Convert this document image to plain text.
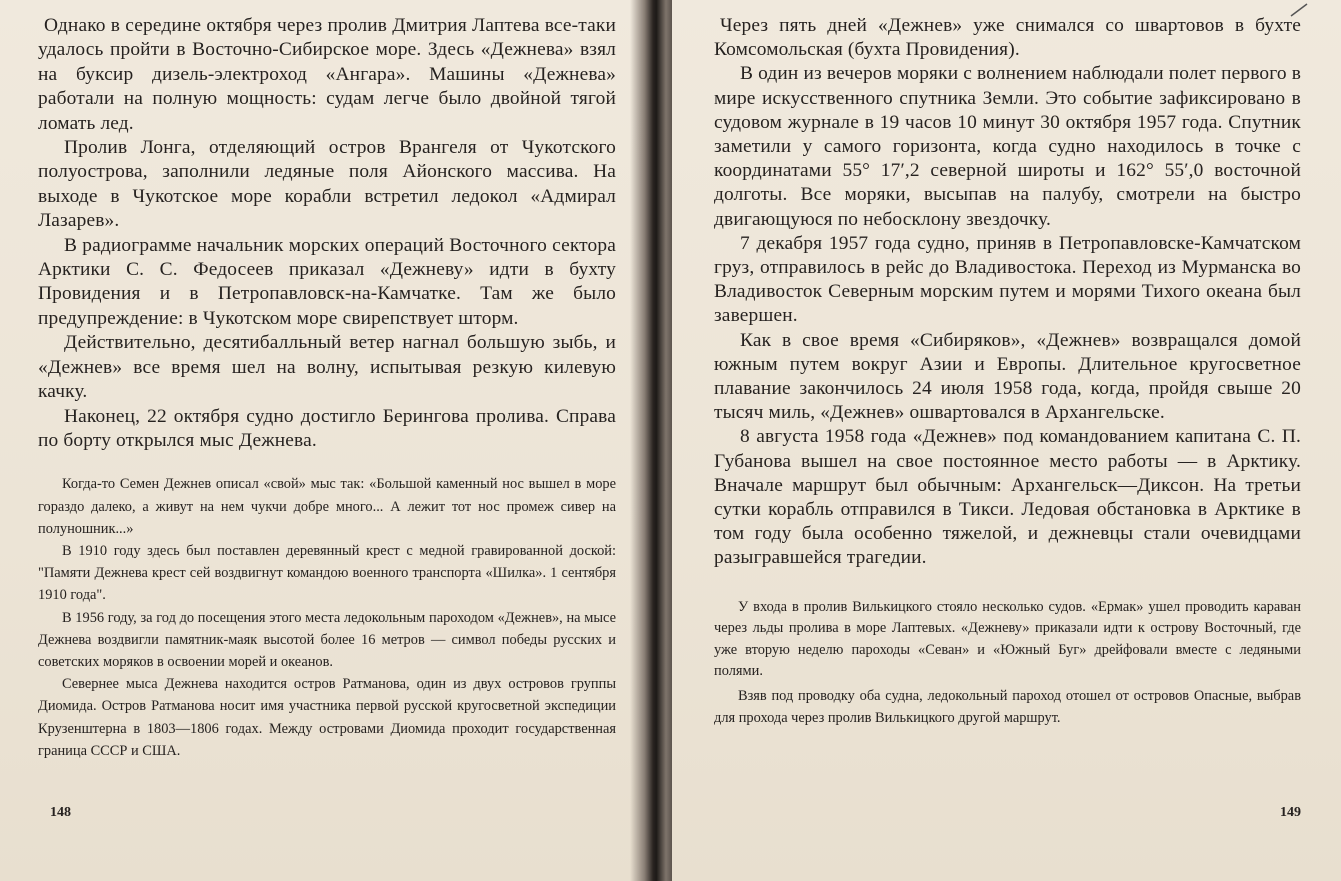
Однако в середине октября через пролив Дмитрия Лаптева все-таки удалось пройти в Восточно-Сибирское море. Здесь «Дежнева» взял на буксир дизель-электроход «Ангара». Машины «Дежнева» работали на полную мощность: судам легче было двойной тягой ломать лед.

Пролив Лонга, отделяющий остров Врангеля от Чукотского полуострова, заполнили ледяные поля Айонского массива. На выходе в Чукотское море корабли встретил ледокол «Адмирал Лазарев».

В радиограмме начальник морских операций Восточного сектора Арктики С. С. Федосеев приказал «Дежневу» идти в бухту Провидения и в Петропавловск-на-Камчатке. Там же было предупреждение: в Чукотском море свирепствует шторм.

Действительно, десятибалльный ветер нагнал большую зыбь, и «Дежнев» все время шел на волну, испытывая резкую килевую качку.

Наконец, 22 октября судно достигло Берингова пролива. Справа по борту открылся мыс Дежнева.

Когда-то Семен Дежнев описал «свой» мыс так: «Большой каменный нос вышел в море гораздо далеко, а живут на нем чукчи добре много... А лежит тот нос промеж сивер на полуношник...»

В 1910 году здесь был поставлен деревянный крест с медной гравированной доской: "Памяти Дежнева крест сей воздвигнут командою военного транспорта «Шилка». 1 сентября 1910 года".

В 1956 году, за год до посещения этого места ледокольным пароходом «Дежнев», на мысе Дежнева воздвигли памятник-маяк высотой более 16 метров — символ победы русских и советских моряков в освоении морей и океанов.

Севернее мыса Дежнева находится остров Ратманова, один из двух островов группы Диомида. Остров Ратманова носит имя участника первой русской кругосветной экспедиции Крузенштерна в 1803—1806 годах. Между островами Диомида проходит государственная граница СССР и США.

148

Через пять дней «Дежнев» уже снимался со швартовов в бухте Комсомольская (бухта Провидения).

В один из вечеров моряки с волнением наблюдали полет первого в мире искусственного спутника Земли. Это событие зафиксировано в судовом журнале в 19 часов 10 минут 30 октября 1957 года. Спутник заметили у самого горизонта, когда судно находилось в точке с координатами 55° 17′,2 северной широты и 162° 55′,0 восточной долготы. Все моряки, высыпав на палубу, смотрели на быстро двигающуюся по небосклону звездочку.

7 декабря 1957 года судно, приняв в Петропавловске-Камчатском груз, отправилось в рейс до Владивостока. Переход из Мурманска во Владивосток Северным морским путем и морями Тихого океана был завершен.

Как в свое время «Сибиряков», «Дежнев» возвращался домой южным путем вокруг Азии и Европы. Длительное кругосветное плавание закончилось 24 июля 1958 года, когда, пройдя свыше 20 тысяч миль, «Дежнев» ошвартовался в Архангельске.

8 августа 1958 года «Дежнев» под командованием капитана С. П. Губанова вышел на свое постоянное место работы — в Арктику. Вначале маршрут был обычным: Архангельск—Диксон. На третьи сутки корабль отправился в Тикси. Ледовая обстановка в Арктике в том году была особенно тяжелой, и дежневцы стали очевидцами разыгравшейся трагедии.

У входа в пролив Вилькицкого стояло несколько судов. «Ермак» ушел проводить караван через льды пролива в море Лаптевых. «Дежневу» приказали идти к острову Восточный, где уже вторую неделю пароходы «Севан» и «Южный Буг» дрейфовали вместе с ледяными полями.

Взяв под проводку оба судна, ледокольный пароход отошел от островов Опасные, выбрав для прохода через пролив Вилькицкого другой маршрут.

149
